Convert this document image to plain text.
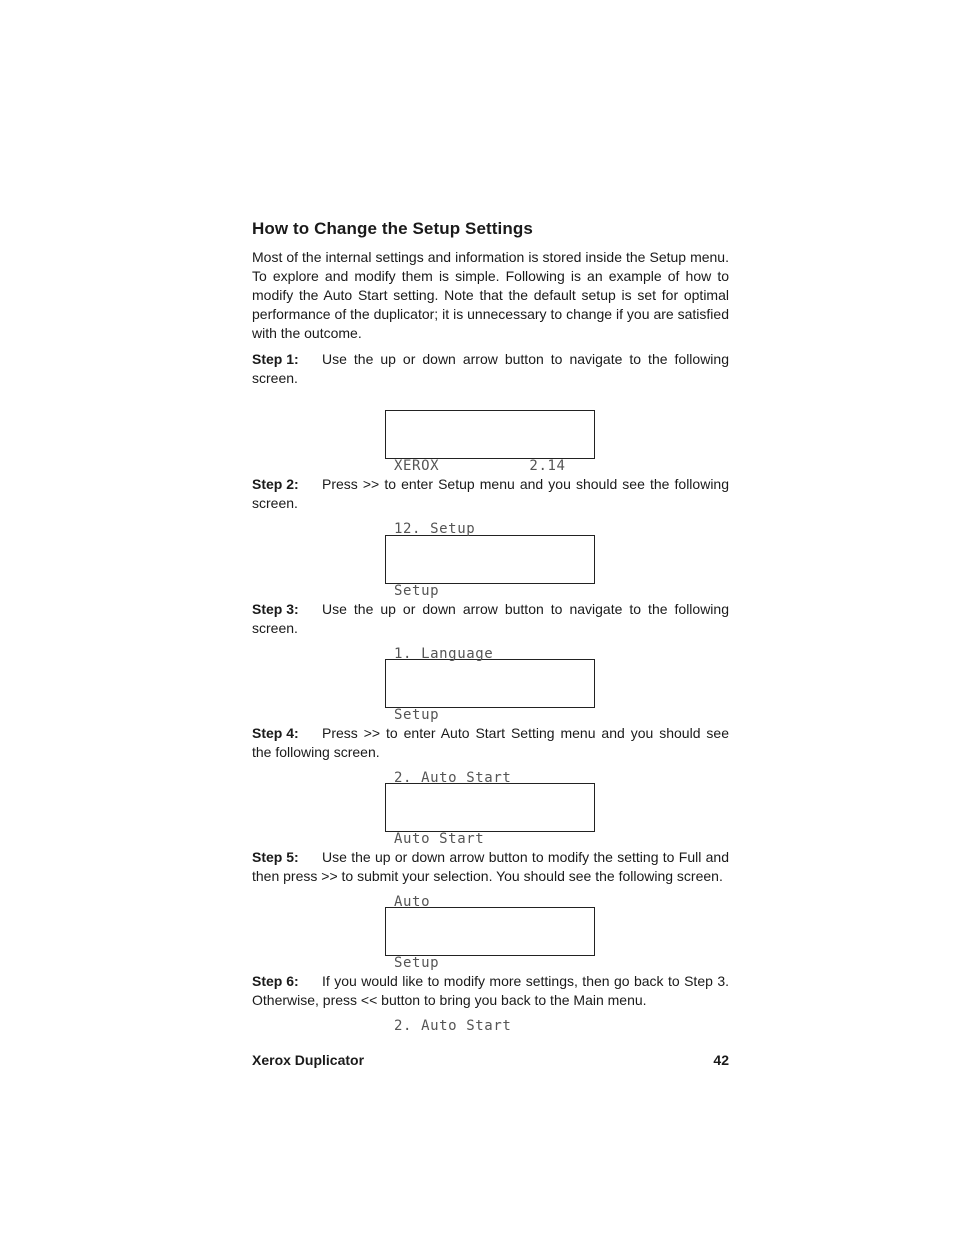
How to Change the Setup Settings

Most of the internal settings and information is stored inside the Setup menu. To explore and modify them is simple. Following is an example of how to modify the Auto Start setting. Note that the default setup is set for optimal performance of the duplicator; it is unnecessary to change if you are satisfied with the outcome.

Step 1: Use the up or down arrow button to navigate to the following screen.

XEROX          2.14

12. Setup

Step 2: Press >> to enter Setup menu and you should see the following screen.

Setup

1. Language

Step 3: Use the up or down arrow button to navigate to the following screen.

Setup

2. Auto Start

Step 4: Press >> to enter Auto Start Setting menu and you should see the following screen.

Auto Start

Auto

Step 5: Use the up or down arrow button to modify the setting to Full and then press >> to submit your selection. You should see the following screen.

Setup

2. Auto Start

Step 6: If you would like to modify more settings, then go back to Step 3. Otherwise, press << button to bring you back to the Main menu.

Xerox Duplicator	42
